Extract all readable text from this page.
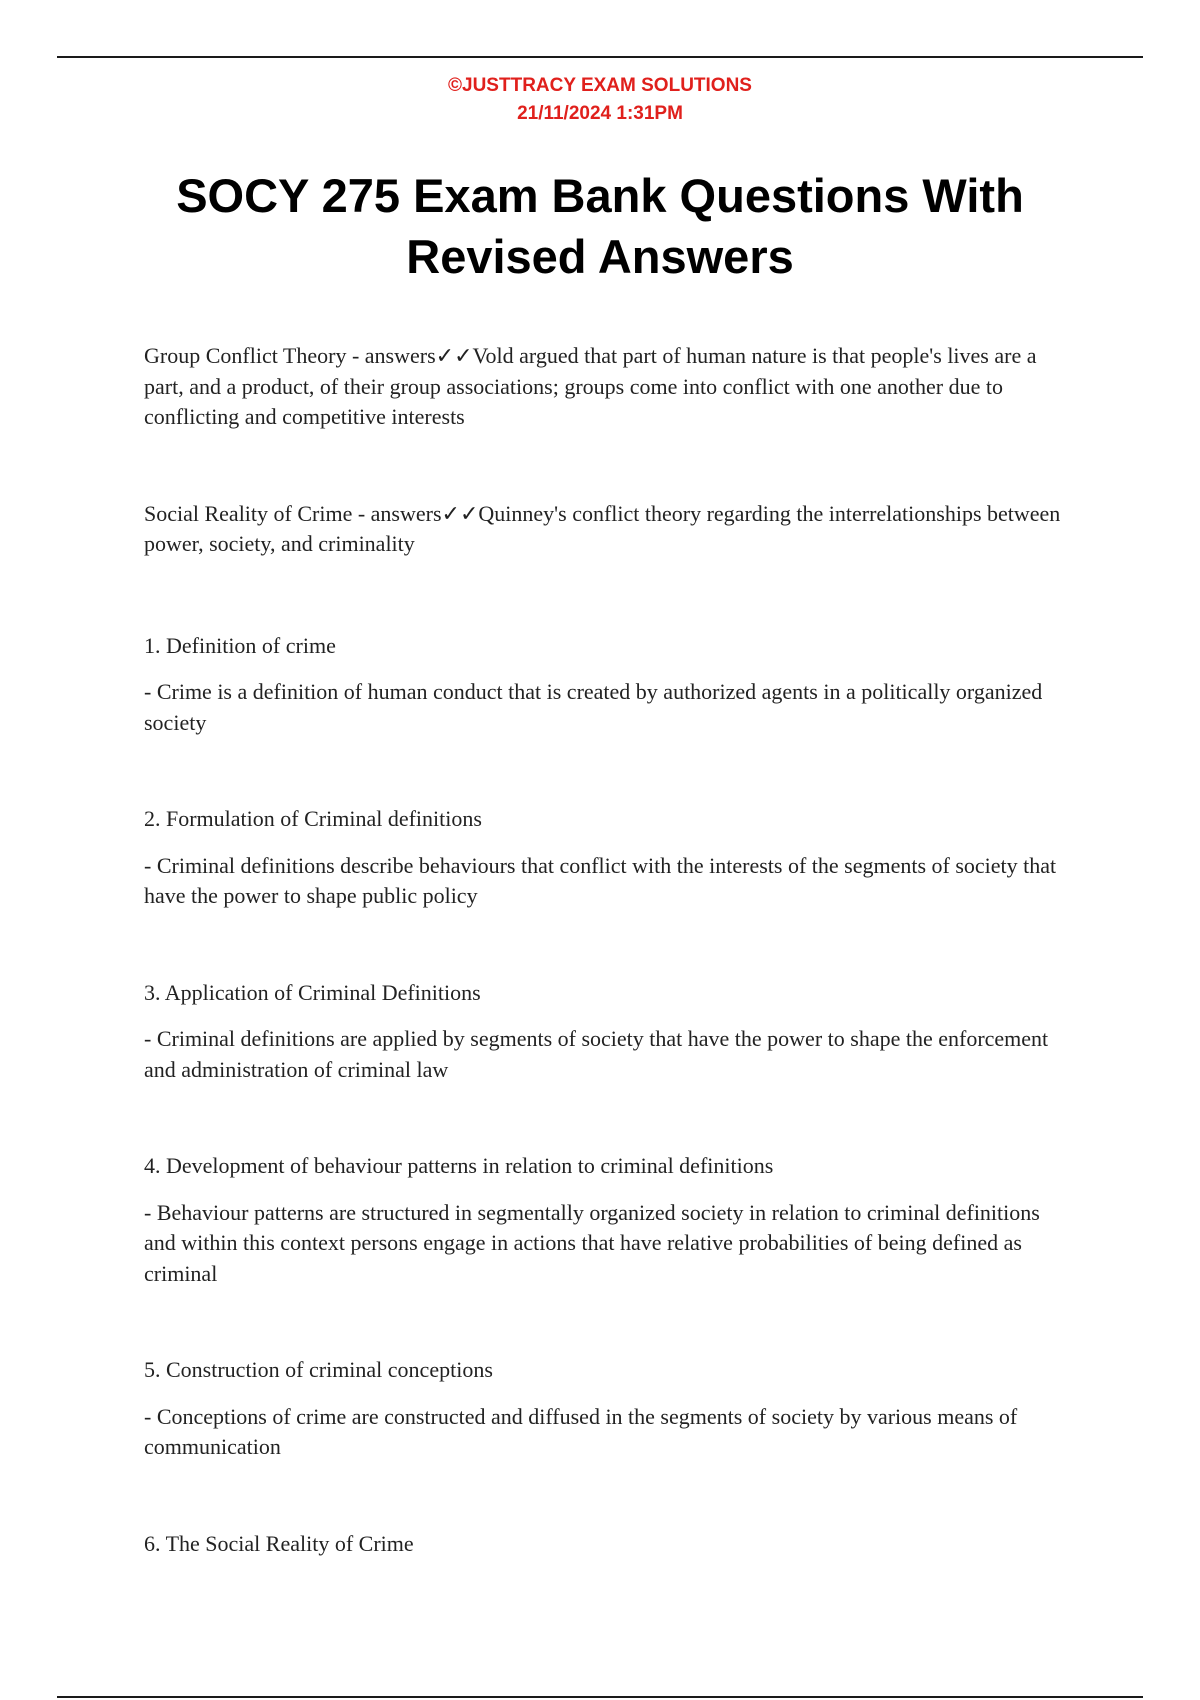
©JUSTTRACY EXAM SOLUTIONS
21/11/2024 1:31PM
SOCY 275 Exam Bank Questions With Revised Answers

Group Conflict Theory - answers✓✓Vold argued that part of human nature is that people's lives are a part, and a product, of their group associations; groups come into conflict with one another due to conflicting and competitive interests

Social Reality of Crime - answers✓✓Quinney's conflict theory regarding the interrelationships between power, society, and criminality

1. Definition of crime

- Crime is a definition of human conduct that is created by authorized agents in a politically organized society

2. Formulation of Criminal definitions

- Criminal definitions describe behaviours that conflict with the interests of the segments of society that have the power to shape public policy

3. Application of Criminal Definitions

- Criminal definitions are applied by segments of society that have the power to shape the enforcement and administration of criminal law

4. Development of behaviour patterns in relation to criminal definitions

- Behaviour patterns are structured in segmentally organized society in relation to criminal definitions and within this context persons engage in actions that have relative probabilities of being defined as criminal

5. Construction of criminal conceptions

- Conceptions of crime are constructed and diffused in the segments of society by various means of communication

6. The Social Reality of Crime
